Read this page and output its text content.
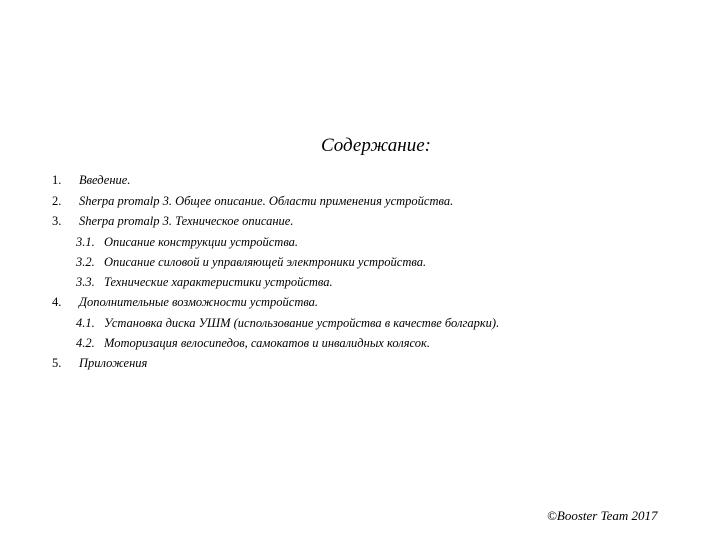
Содержание:
1. Введение.
2. Sherpa promalp 3. Общее описание. Области применения устройства.
3. Sherpa promalp 3. Техническое описание.
3.1. Описание конструкции устройства.
3.2. Описание силовой и управляющей электроники устройства.
3.3. Технические характеристики устройства.
4. Дополнительные возможности устройства.
4.1. Установка диска УШМ (использование устройства в качестве болгарки).
4.2. Моторизация велосипедов, самокатов и инвалидных колясок.
5. Приложения
©Booster Team 2017
